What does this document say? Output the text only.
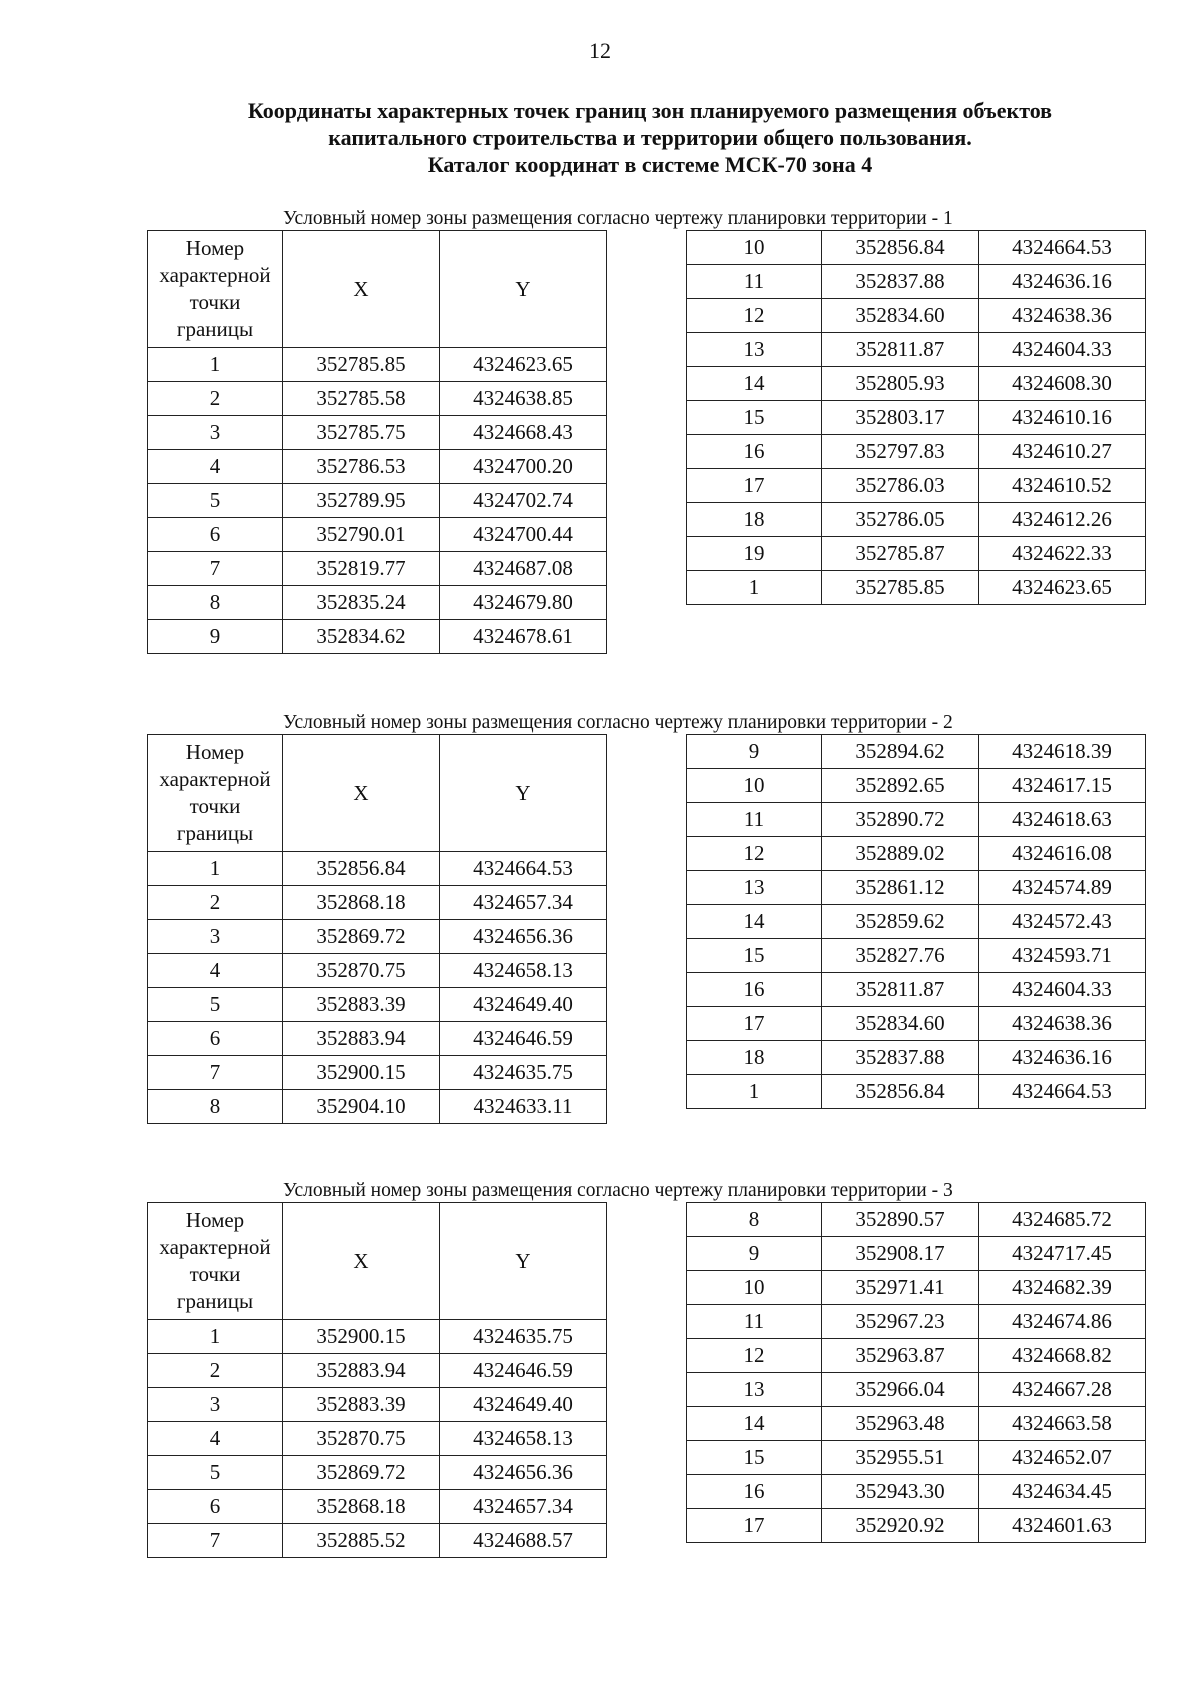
12
Координаты характерных точек границ зон планируемого размещения объектов
капитального строительства и территории общего пользования.
Каталог координат в системе МСК-70 зона 4
Условный номер зоны размещения согласно чертежу планировки территории - 1
Номер
характерной
точки
границы	X	Y
1	352785.85	4324623.65
2	352785.58	4324638.85
3	352785.75	4324668.43
4	352786.53	4324700.20
5	352789.95	4324702.74
6	352790.01	4324700.44
7	352819.77	4324687.08
8	352835.24	4324679.80
9	352834.62	4324678.61
10	352856.84	4324664.53
11	352837.88	4324636.16
12	352834.60	4324638.36
13	352811.87	4324604.33
14	352805.93	4324608.30
15	352803.17	4324610.16
16	352797.83	4324610.27
17	352786.03	4324610.52
18	352786.05	4324612.26
19	352785.87	4324622.33
1	352785.85	4324623.65
Условный номер зоны размещения согласно чертежу планировки территории - 2
Номер
характерной
точки
границы	X	Y
1	352856.84	4324664.53
2	352868.18	4324657.34
3	352869.72	4324656.36
4	352870.75	4324658.13
5	352883.39	4324649.40
6	352883.94	4324646.59
7	352900.15	4324635.75
8	352904.10	4324633.11
9	352894.62	4324618.39
10	352892.65	4324617.15
11	352890.72	4324618.63
12	352889.02	4324616.08
13	352861.12	4324574.89
14	352859.62	4324572.43
15	352827.76	4324593.71
16	352811.87	4324604.33
17	352834.60	4324638.36
18	352837.88	4324636.16
1	352856.84	4324664.53
Условный номер зоны размещения согласно чертежу планировки территории - 3
Номер
характерной
точки
границы	X	Y
1	352900.15	4324635.75
2	352883.94	4324646.59
3	352883.39	4324649.40
4	352870.75	4324658.13
5	352869.72	4324656.36
6	352868.18	4324657.34
7	352885.52	4324688.57
8	352890.57	4324685.72
9	352908.17	4324717.45
10	352971.41	4324682.39
11	352967.23	4324674.86
12	352963.87	4324668.82
13	352966.04	4324667.28
14	352963.48	4324663.58
15	352955.51	4324652.07
16	352943.30	4324634.45
17	352920.92	4324601.63
